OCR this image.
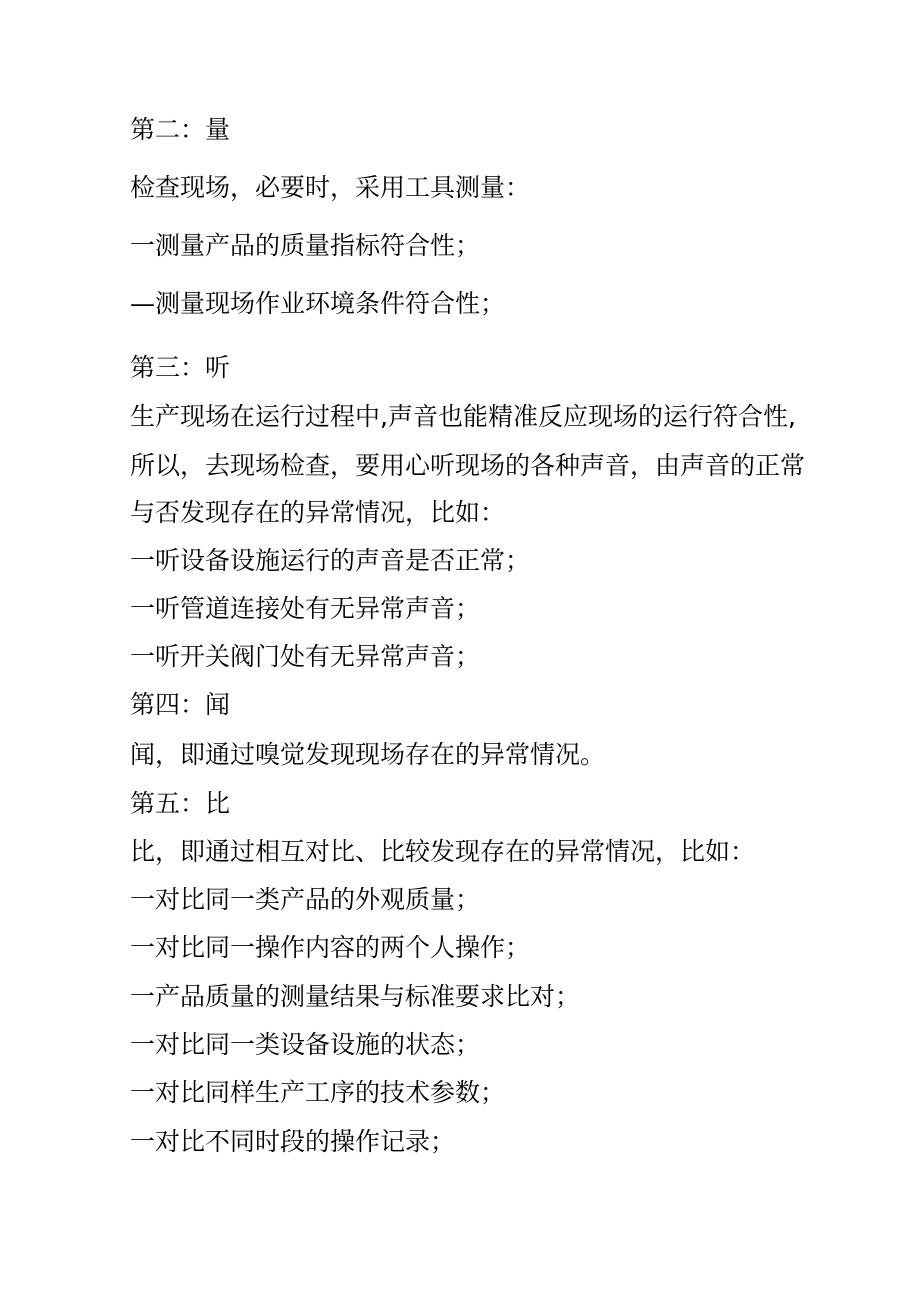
第二：量
检查现场，必要时，采用工具测量：
一测量产品的质量指标符合性；
—测量现场作业环境条件符合性；
第三：听
生产现场在运行过程中,声音也能精准反应现场的运行符合性,
所以，去现场检查，要用心听现场的各种声音，由声音的正常
与否发现存在的异常情况，比如：
一听设备设施运行的声音是否正常；
一听管道连接处有无异常声音；
一听开关阀门处有无异常声音；
第四：闻
闻，即通过嗅觉发现现场存在的异常情况。
第五：比
比，即通过相互对比、比较发现存在的异常情况，比如：
一对比同一类产品的外观质量；
一对比同一操作内容的两个人操作；
一产品质量的测量结果与标准要求比对；
一对比同一类设备设施的状态；
一对比同样生产工序的技术参数；
一对比不同时段的操作记录；
